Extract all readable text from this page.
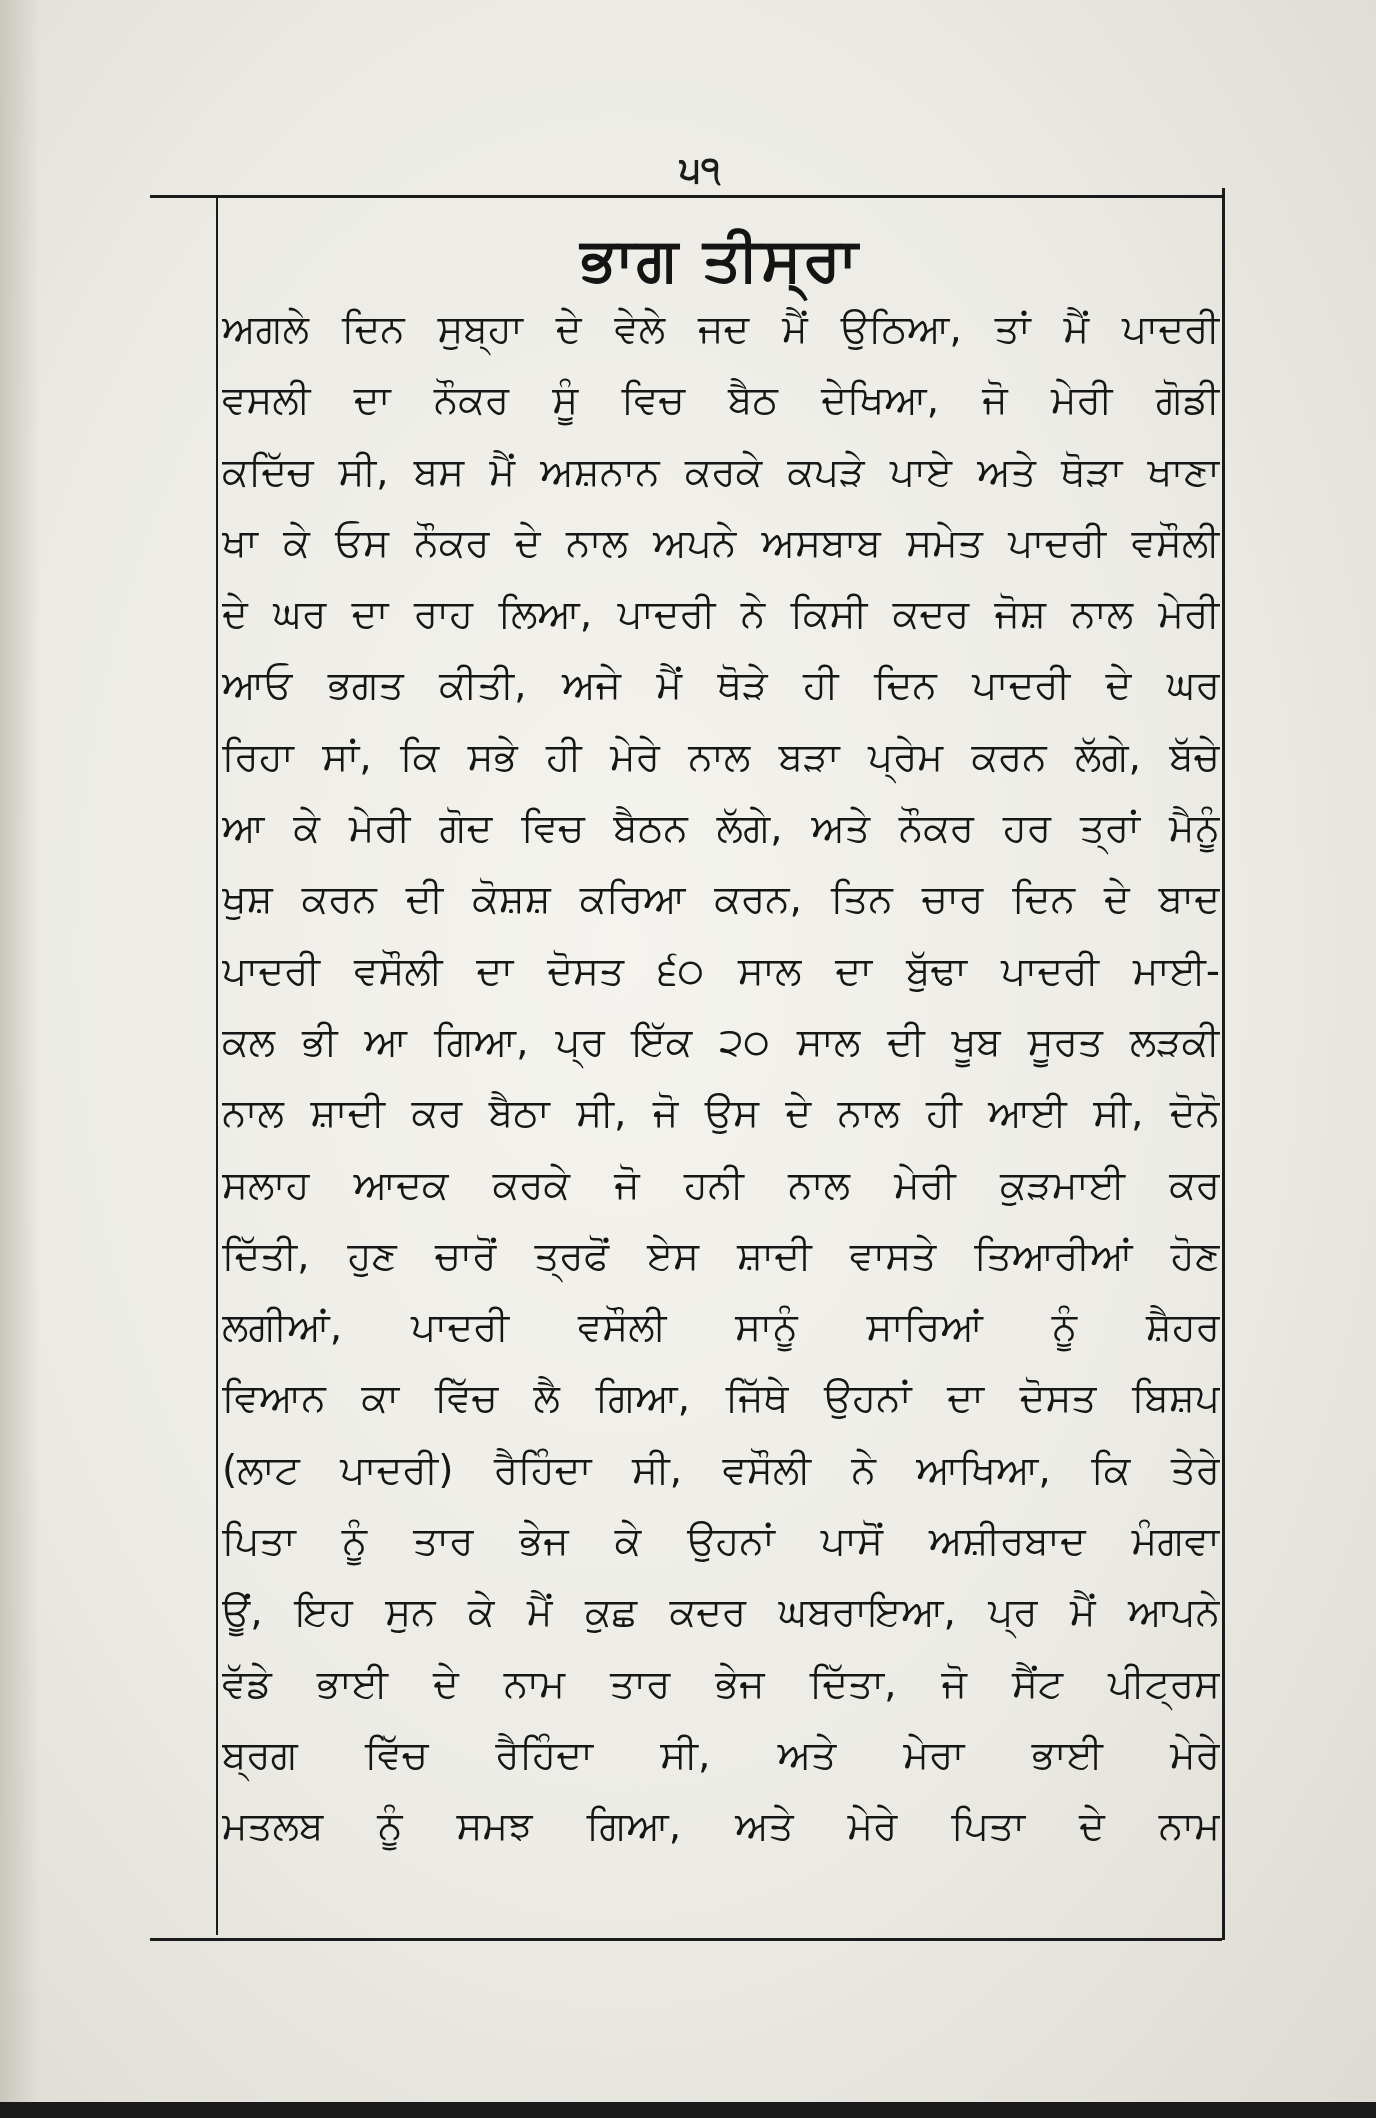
੫੧
ਭਾਗ ਤੀਸ੍ਰਾ
ਅਗਲੇ ਦਿਨ ਸੁਬ੍ਹਾ ਦੇ ਵੇਲੇ ਜਦ ਮੈਂ ਉਠਿਆ, ਤਾਂ ਮੈਂ ਪਾਦਰੀ
ਵਸਲੀ ਦਾ ਨੌਕਰ ਸੂੰ ਵਿਚ ਬੈਠ ਦੇਖਿਆ, ਜੋ ਮੇਰੀ ਗੋਡੀ
ਕਦਿੱਚ ਸੀ, ਬਸ ਮੈਂ ਅਸ਼ਨਾਨ ਕਰਕੇ ਕਪੜੇ ਪਾਏ ਅਤੇ ਥੋੜਾ ਖਾਣਾ
ਖਾ ਕੇ ਓਸ ਨੌਕਰ ਦੇ ਨਾਲ ਅਪਨੇ ਅਸਬਾਬ ਸਮੇਤ ਪਾਦਰੀ ਵਸੌਲੀ
ਦੇ ਘਰ ਦਾ ਰਾਹ ਲਿਆ, ਪਾਦਰੀ ਨੇ ਕਿਸੀ ਕਦਰ ਜੋਸ਼ ਨਾਲ ਮੇਰੀ
ਆਓ ਭਗਤ ਕੀਤੀ, ਅਜੇ ਮੈਂ ਥੋੜੇ ਹੀ ਦਿਨ ਪਾਦਰੀ ਦੇ ਘਰ
ਰਿਹਾ ਸਾਂ, ਕਿ ਸਭੇ ਹੀ ਮੇਰੇ ਨਾਲ ਬੜਾ ਪ੍ਰੇਮ ਕਰਨ ਲੱਗੇ, ਬੱਚੇ
ਆ ਕੇ ਮੇਰੀ ਗੋਦ ਵਿਚ ਬੈਠਨ ਲੱਗੇ, ਅਤੇ ਨੌਕਰ ਹਰ ਤ੍ਰਾਂ ਮੈਨੂੰ
ਖੁਸ਼ ਕਰਨ ਦੀ ਕੋਸ਼ਸ਼ ਕਰਿਆ ਕਰਨ, ਤਿਨ ਚਾਰ ਦਿਨ ਦੇ ਬਾਦ
ਪਾਦਰੀ ਵਸੌਲੀ ਦਾ ਦੋਸਤ ੬੦ ਸਾਲ ਦਾ ਬੁੱਢਾ ਪਾਦਰੀ ਮਾਈ-
ਕਲ ਭੀ ਆ ਗਿਆ, ਪ੍ਰ ਇੱਕ ੨੦ ਸਾਲ ਦੀ ਖੂਬ ਸੂਰਤ ਲੜਕੀ
ਨਾਲ ਸ਼ਾਦੀ ਕਰ ਬੈਠਾ ਸੀ, ਜੋ ਉਸ ਦੇ ਨਾਲ ਹੀ ਆਈ ਸੀ, ਦੋਨੋ
ਸਲਾਹ ਆਦਕ ਕਰਕੇ ਜੋ ਹਨੀ ਨਾਲ ਮੇਰੀ ਕੁੜਮਾਈ ਕਰ
ਦਿੱਤੀ, ਹੁਣ ਚਾਰੋਂ ਤ੍ਰਫੋਂ ਏਸ ਸ਼ਾਦੀ ਵਾਸਤੇ ਤਿਆਰੀਆਂ ਹੋਣ
ਲਗੀਆਂ, ਪਾਦਰੀ ਵਸੌਲੀ ਸਾਨੂੰ ਸਾਰਿਆਂ ਨੂੰ ਸ਼ੈਹਰ
ਵਿਆਨ ਕਾ ਵਿੱਚ ਲੈ ਗਿਆ, ਜਿੱਥੇ ਉਹਨਾਂ ਦਾ ਦੋਸਤ ਬਿਸ਼ਪ
(ਲਾਟ ਪਾਦਰੀ) ਰੈਹਿੰਦਾ ਸੀ, ਵਸੌਲੀ ਨੇ ਆਖਿਆ, ਕਿ ਤੇਰੇ
ਪਿਤਾ ਨੂੰ ਤਾਰ ਭੇਜ ਕੇ ਉਹਨਾਂ ਪਾਸੋਂ ਅਸ਼ੀਰਬਾਦ ਮੰਗਵਾ
ਊਂ, ਇਹ ਸੁਨ ਕੇ ਮੈਂ ਕੁਛ ਕਦਰ ਘਬਰਾਇਆ, ਪ੍ਰ ਮੈਂ ਆਪਨੇ
ਵੱਡੇ ਭਾਈ ਦੇ ਨਾਮ ਤਾਰ ਭੇਜ ਦਿੱਤਾ, ਜੋ ਸੈਂਟ ਪੀਟ੍ਰਸ
ਬ੍ਰਗ ਵਿੱਚ ਰੈਹਿੰਦਾ ਸੀ, ਅਤੇ ਮੇਰਾ ਭਾਈ ਮੇਰੇ
ਮਤਲਬ ਨੂੰ ਸਮਝ ਗਿਆ, ਅਤੇ ਮੇਰੇ ਪਿਤਾ ਦੇ ਨਾਮ
